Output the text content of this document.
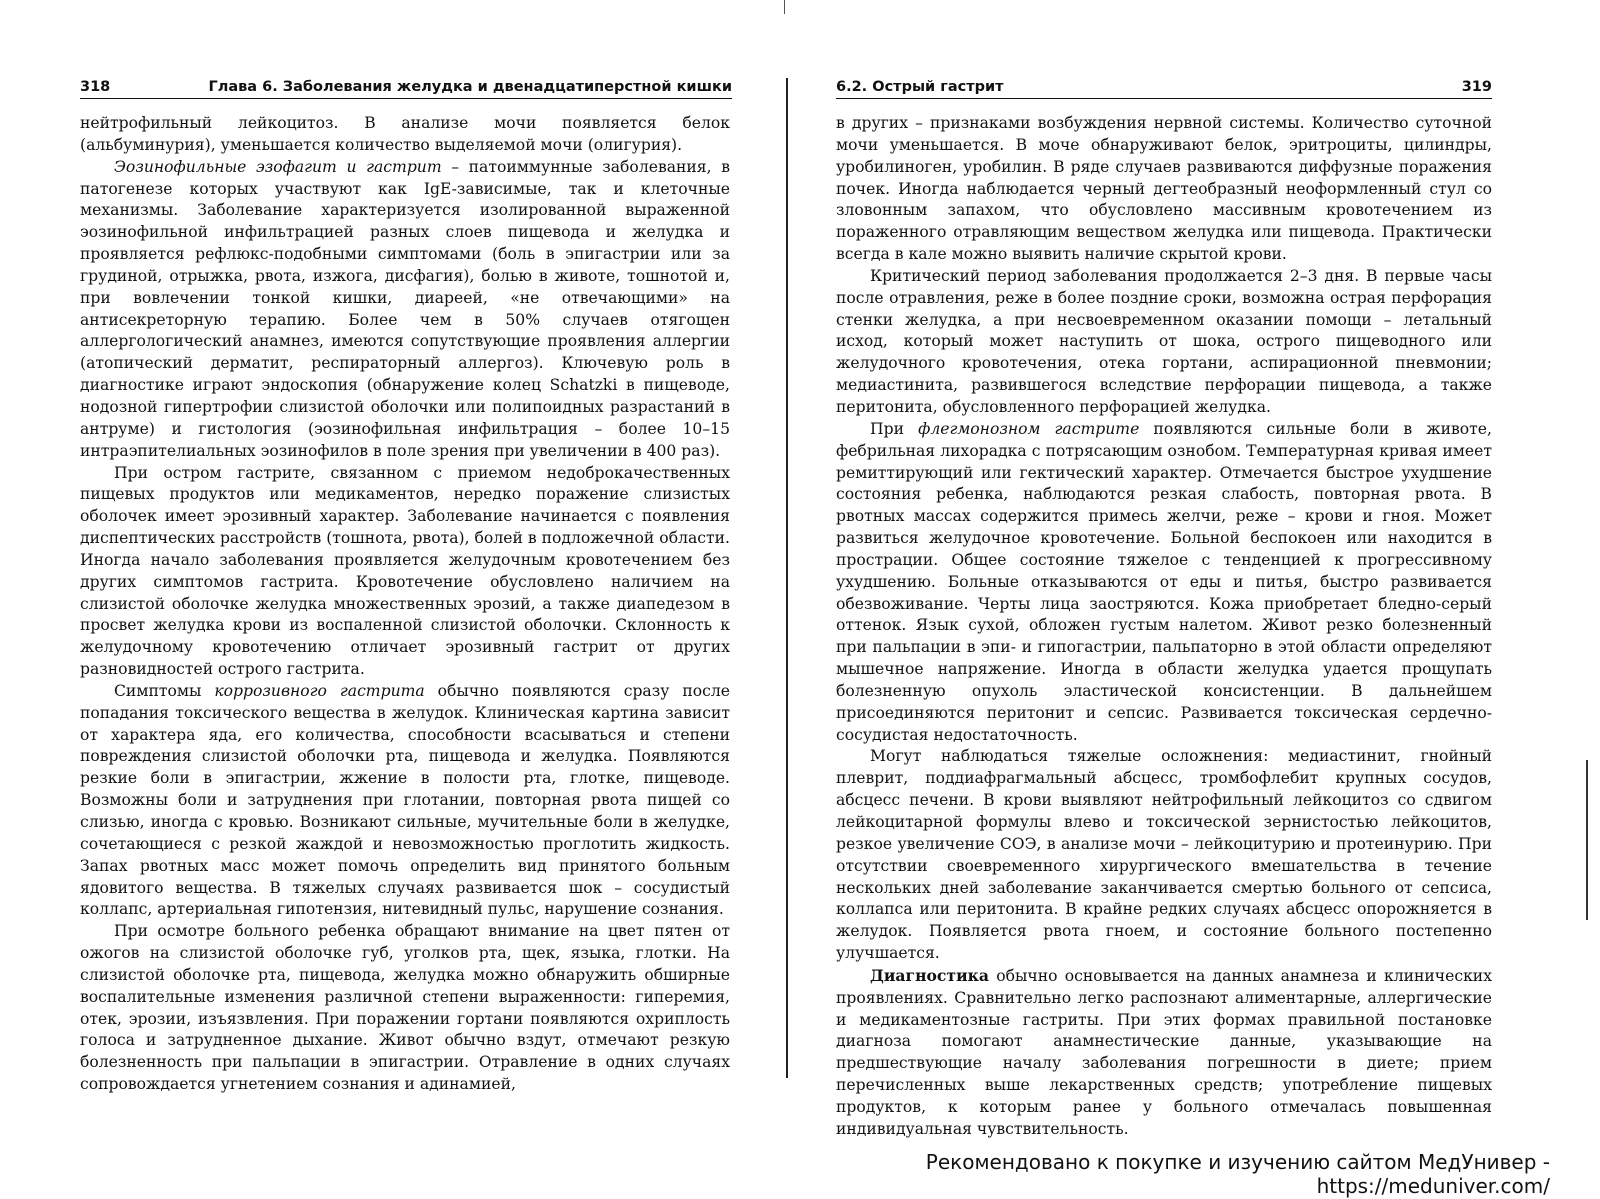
318	Глава 6. Заболевания желудка и двенадцатиперстной кишки

нейтрофильный лейкоцитоз. В анализе мочи появляется белок (альбуминурия), уменьшается количество выделяемой мочи (олигурия).

Эозинофильные эзофагит и гастрит – патоиммунные заболевания, в патогенезе которых участвуют как IgE-зависимые, так и клеточные механизмы. Заболевание характеризуется изолированной выраженной эозинофильной инфильтрацией разных слоев пищевода и желудка и проявляется рефлюкс-подобными симптомами (боль в эпигастрии или за грудиной, отрыжка, рвота, изжога, дисфагия), болью в животе, тошнотой и, при вовлечении тонкой кишки, диареей, «не отвечающими» на антисекреторную терапию. Более чем в 50% случаев отягощен аллергологический анамнез, имеются сопутствующие проявления аллергии (атопический дерматит, респираторный аллергоз). Ключевую роль в диагностике играют эндоскопия (обнаружение колец Schatzki в пищеводе, нодозной гипертрофии слизистой оболочки или полипоидных разрастаний в антруме) и гистология (эозинофильная инфильтрация – более 10–15 интраэпителиальных эозинофилов в поле зрения при увеличении в 400 раз).

При остром гастрите, связанном с приемом недоброкачественных пищевых продуктов или медикаментов, нередко поражение слизистых оболочек имеет эрозивный характер. Заболевание начинается с появления диспептических расстройств (тошнота, рвота), болей в подложечной области. Иногда начало заболевания проявляется желудочным кровотечением без других симптомов гастрита. Кровотечение обусловлено наличием на слизистой оболочке желудка множественных эрозий, а также диапедезом в просвет желудка крови из воспаленной слизистой оболочки. Склонность к желудочному кровотечению отличает эрозивный гастрит от других разновидностей острого гастрита.

Симптомы коррозивного гастрита обычно появляются сразу после попадания токсического вещества в желудок. Клиническая картина зависит от характера яда, его количества, способности всасываться и степени повреждения слизистой оболочки рта, пищевода и желудка. Появляются резкие боли в эпигастрии, жжение в полости рта, глотке, пищеводе. Возможны боли и затруднения при глотании, повторная рвота пищей со слизью, иногда с кровью. Возникают сильные, мучительные боли в желудке, сочетающиеся с резкой жаждой и невозможностью проглотить жидкость. Запах рвотных масс может помочь определить вид принятого больным ядовитого вещества. В тяжелых случаях развивается шок – сосудистый коллапс, артериальная гипотензия, нитевидный пульс, нарушение сознания.

При осмотре больного ребенка обращают внимание на цвет пятен от ожогов на слизистой оболочке губ, уголков рта, щек, языка, глотки. На слизистой оболочке рта, пищевода, желудка можно обнаружить обширные воспалительные изменения различной степени выраженности: гиперемия, отек, эрозии, изъязвления. При поражении гортани появляются охриплость голоса и затрудненное дыхание. Живот обычно вздут, отмечают резкую болезненность при пальпации в эпигастрии. Отравление в одних случаях сопровождается угнетением сознания и адинамией,

6.2. Острый гастрит	319

в других – признаками возбуждения нервной системы. Количество суточной мочи уменьшается. В моче обнаруживают белок, эритроциты, цилиндры, уробилиноген, уробилин. В ряде случаев развиваются диффузные поражения почек. Иногда наблюдается черный дегтеобразный неоформленный стул со зловонным запахом, что обусловлено массивным кровотечением из пораженного отравляющим веществом желудка или пищевода. Практически всегда в кале можно выявить наличие скрытой крови.

Критический период заболевания продолжается 2–3 дня. В первые часы после отравления, реже в более поздние сроки, возможна острая перфорация стенки желудка, а при несвоевременном оказании помощи – летальный исход, который может наступить от шока, острого пищеводного или желудочного кровотечения, отека гортани, аспирационной пневмонии; медиастинита, развившегося вследствие перфорации пищевода, а также перитонита, обусловленного перфорацией желудка.

При флегмонозном гастрите появляются сильные боли в животе, фебрильная лихорадка с потрясающим ознобом. Температурная кривая имеет ремиттирующий или гектический характер. Отмечается быстрое ухудшение состояния ребенка, наблюдаются резкая слабость, повторная рвота. В рвотных массах содержится примесь желчи, реже – крови и гноя. Может развиться желудочное кровотечение. Больной беспокоен или находится в прострации. Общее состояние тяжелое с тенденцией к прогрессивному ухудшению. Больные отказываются от еды и питья, быстро развивается обезвоживание. Черты лица заостряются. Кожа приобретает бледно-серый оттенок. Язык сухой, обложен густым налетом. Живот резко болезненный при пальпации в эпи- и гипогастрии, пальпаторно в этой области определяют мышечное напряжение. Иногда в области желудка удается прощупать болезненную опухоль эластической консистенции. В дальнейшем присоединяются перитонит и сепсис. Развивается токсическая сердечно-сосудистая недостаточность.

Могут наблюдаться тяжелые осложнения: медиастинит, гнойный плеврит, поддиафрагмальный абсцесс, тромбофлебит крупных сосудов, абсцесс печени. В крови выявляют нейтрофильный лейкоцитоз со сдвигом лейкоцитарной формулы влево и токсической зернистостью лейкоцитов, резкое увеличение СОЭ, в анализе мочи – лейкоцитурию и протеинурию. При отсутствии своевременного хирургического вмешательства в течение нескольких дней заболевание заканчивается смертью больного от сепсиса, коллапса или перитонита. В крайне редких случаях абсцесс опорожняется в желудок. Появляется рвота гноем, и состояние больного постепенно улучшается.

Диагностика обычно основывается на данных анамнеза и клинических проявлениях. Сравнительно легко распознают алиментарные, аллергические и медикаментозные гастриты. При этих формах правильной постановке диагноза помогают анамнестические данные, указывающие на предшествующие началу заболевания погрешности в диете; прием перечисленных выше лекарственных средств; употребление пищевых продуктов, к которым ранее у больного отмечалась повышенная индивидуальная чувствительность.

Рекомендовано к покупке и изучению сайтом МедУнивер - https://meduniver.com/
